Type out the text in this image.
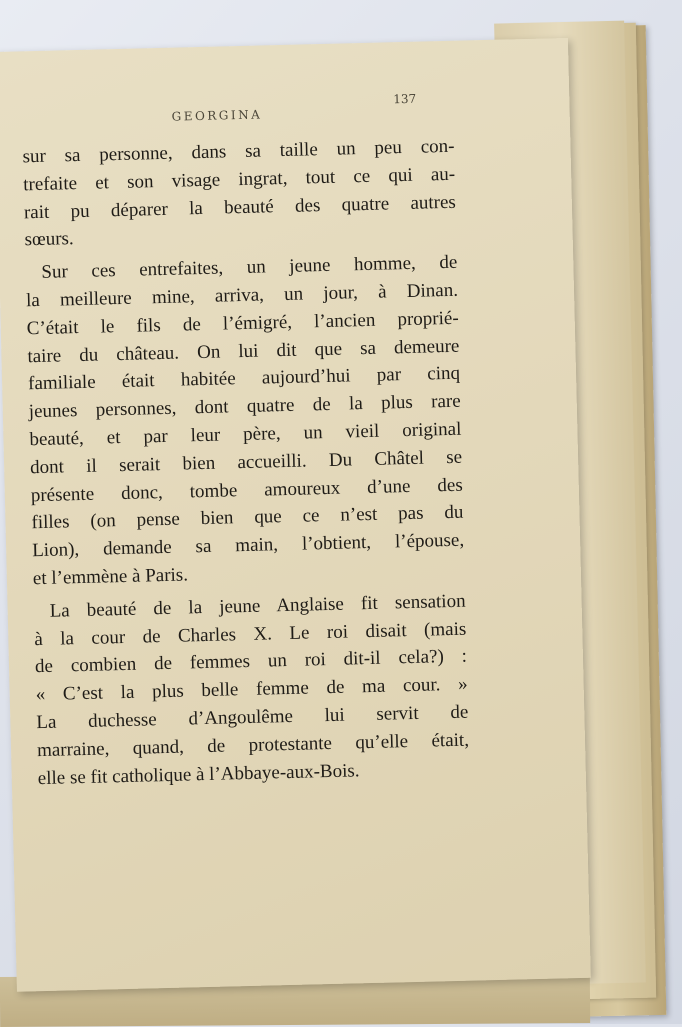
GEORGINA
137
sur sa personne, dans sa taille un peu con-
trefaite et son visage ingrat, tout ce qui au-
rait pu déparer la beauté des quatre autres
sœurs.
Sur ces entrefaites, un jeune homme, de
la meilleure mine, arriva, un jour, à Dinan.
C’était le fils de l’émigré, l’ancien proprié-
taire du château. On lui dit que sa demeure
familiale était habitée aujourd’hui par cinq
jeunes personnes, dont quatre de la plus rare
beauté, et par leur père, un vieil original
dont il serait bien accueilli. Du Châtel se
présente donc, tombe amoureux d’une des
filles (on pense bien que ce n’est pas du
Lion), demande sa main, l’obtient, l’épouse,
et l’emmène à Paris.
La beauté de la jeune Anglaise fit sensation
à la cour de Charles X. Le roi disait (mais
de combien de femmes un roi dit-il cela?) :
« C’est la plus belle femme de ma cour. »
La duchesse d’Angoulême lui servit de
marraine, quand, de protestante qu’elle était,
elle se fit catholique à l’Abbaye-aux-Bois.
